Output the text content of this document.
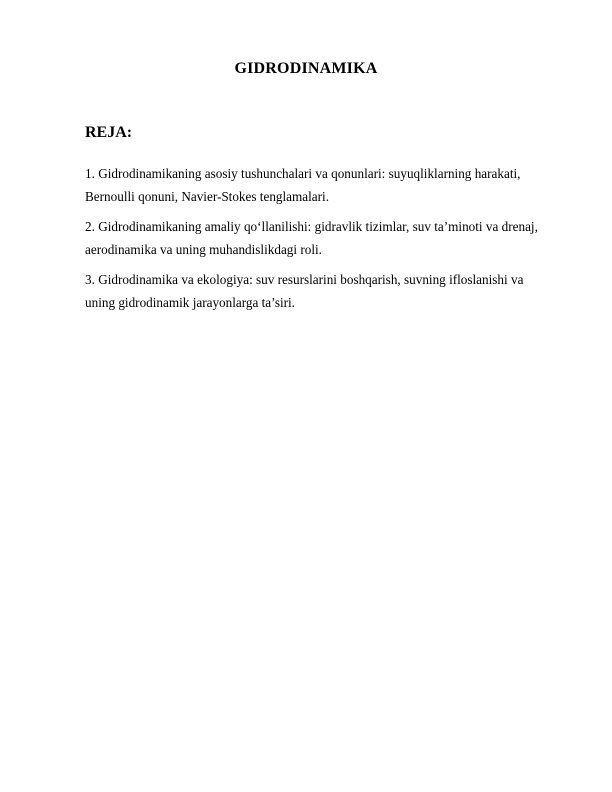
GIDRODINAMIKA
REJA:
1. Gidrodinamikaning asosiy tushunchalari va qonunlari: suyuqliklarning harakati,
Bernoulli qonuni, Navier-Stokes tenglamalari.
2. Gidrodinamikaning amaliy qo‘llanilishi: gidravlik tizimlar, suv ta’minoti va drenaj,
aerodinamika va uning muhandislikdagi roli.
3. Gidrodinamika va ekologiya: suv resurslarini boshqarish, suvning ifloslanishi va
uning gidrodinamik jarayonlarga ta’siri.
